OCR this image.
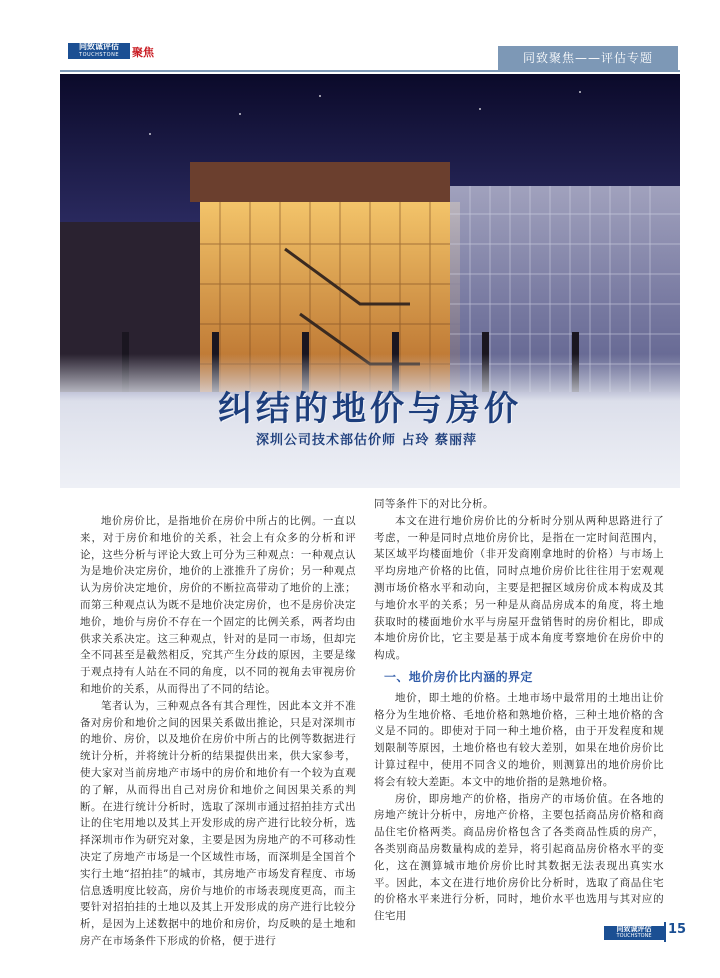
同致诚评估
TOUCHSTONE	聚焦	同致聚焦——评估专题
纠结的地价与房价
深圳公司技术部估价师 占玲 蔡丽萍

地价房价比，是指地价在房价中所占的比例。一直以来，对于房价和地价的关系，社会上有众多的分析和评论，这些分析与评论大致上可分为三种观点：一种观点认为是地价决定房价，地价的上涨推升了房价；另一种观点认为房价决定地价，房价的不断拉高带动了地价的上涨；而第三种观点认为既不是地价决定房价，也不是房价决定地价，地价与房价不存在一个固定的比例关系，两者均由供求关系决定。这三种观点，针对的是同一市场，但却完全不同甚至是截然相反，究其产生分歧的原因，主要是缘于观点持有人站在不同的角度，以不同的视角去审视房价和地价的关系，从而得出了不同的结论。

笔者认为，三种观点各有其合理性，因此本文并不准备对房价和地价之间的因果关系做出推论，只是对深圳市的地价、房价，以及地价在房价中所占的比例等数据进行统计分析，并将统计分析的结果提供出来，供大家参考，使大家对当前房地产市场中的房价和地价有一个较为直观的了解，从而得出自己对房价和地价之间因果关系的判断。在进行统计分析时，选取了深圳市通过招拍挂方式出让的住宅用地以及其上开发形成的房产进行比较分析，选择深圳市作为研究对象，主要是因为房地产的不可移动性决定了房地产市场是一个区域性市场，而深圳是全国首个实行土地“招拍挂”的城市，其房地产市场发育程度、市场信息透明度比较高，房价与地价的市场表现度更高，而主要针对招拍挂的土地以及其上开发形成的房产进行比较分析，是因为上述数据中的地价和房价，均反映的是土地和房产在市场条件下形成的价格，便于进行

同等条件下的对比分析。

本文在进行地价房价比的分析时分别从两种思路进行了考虑，一种是同时点地价房价比，是指在一定时间范围内，某区域平均楼面地价（非开发商刚拿地时的价格）与市场上平均房地产价格的比值，同时点地价房价比往往用于宏观观测市场价格水平和动向，主要是把握区域房价成本构成及其与地价水平的关系；另一种是从商品房成本的角度，将土地获取时的楼面地价水平与房屋开盘销售时的房价相比，即成本地价房价比，它主要是基于成本角度考察地价在房价中的构成。

一、地价房价比内涵的界定

地价，即土地的价格。土地市场中最常用的土地出让价格分为生地价格、毛地价格和熟地价格，三种土地价格的含义是不同的。即使对于同一种土地价格，由于开发程度和规划限制等原因，土地价格也有较大差别，如果在地价房价比计算过程中，使用不同含义的地价，则测算出的地价房价比将会有较大差距。本文中的地价指的是熟地价格。

房价，即房地产的价格，指房产的市场价值。在各地的房地产统计分析中，房地产价格，主要包括商品房价格和商品住宅价格两类。商品房价格包含了各类商品性质的房产，各类别商品房数量构成的差异，将引起商品房价格水平的变化，这在测算城市地价房价比时其数据无法表现出真实水平。因此，本文在进行地价房价比分析时，选取了商品住宅的价格水平来进行分析，同时，地价水平也选用与其对应的住宅用

同致诚评估
TOUCHSTONE	15
